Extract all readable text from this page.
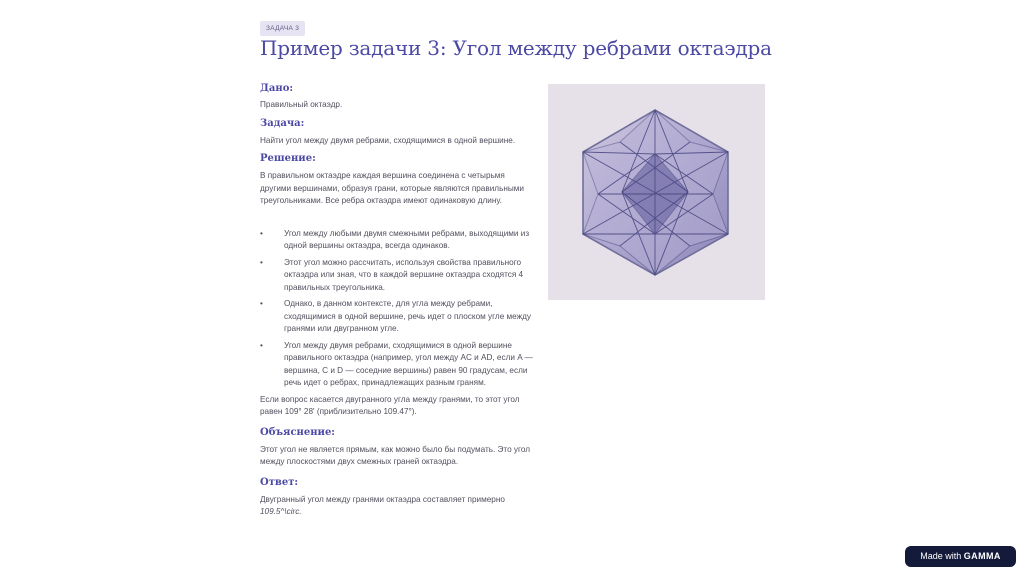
ЗАДАЧА 3
Пример задачи 3: Угол между ребрами октаэдра

Дано:

Правильный октаэдр.

Задача:

Найти угол между двумя ребрами, сходящимися в одной вершине.

Решение:

В правильном октаэдре каждая вершина соединена с четырьмя другими вершинами, образуя грани, которые являются правильными треугольниками. Все ребра октаэдра имеют одинаковую длину.

•	Угол между любыми двумя смежными ребрами, выходящими из одной вершины октаэдра, всегда одинаков.
•	Этот угол можно рассчитать, используя свойства правильного октаэдра или зная, что в каждой вершине октаэдра сходятся 4 правильных треугольника.
•	Однако, в данном контексте, для угла между ребрами, сходящимися в одной вершине, речь идет о плоском угле между гранями или двугранном угле.
•	Угол между двумя ребрами, сходящимися в одной вершине правильного октаэдра (например, угол между AC и AD, если A — вершина, C и D — соседние вершины) равен 90 градусам, если речь идет о ребрах, принадлежащих разным граням.

Если вопрос касается двугранного угла между гранями, то этот угол равен 109° 28' (приблизительно 109.47°).

Объяснение:

Этот угол не является прямым, как можно было бы подумать. Это угол между плоскостями двух смежных граней октаэдра.

Ответ:

Двугранный угол между гранями октаэдра составляет примерно
109.5^\circ.

Made with GAMMA
